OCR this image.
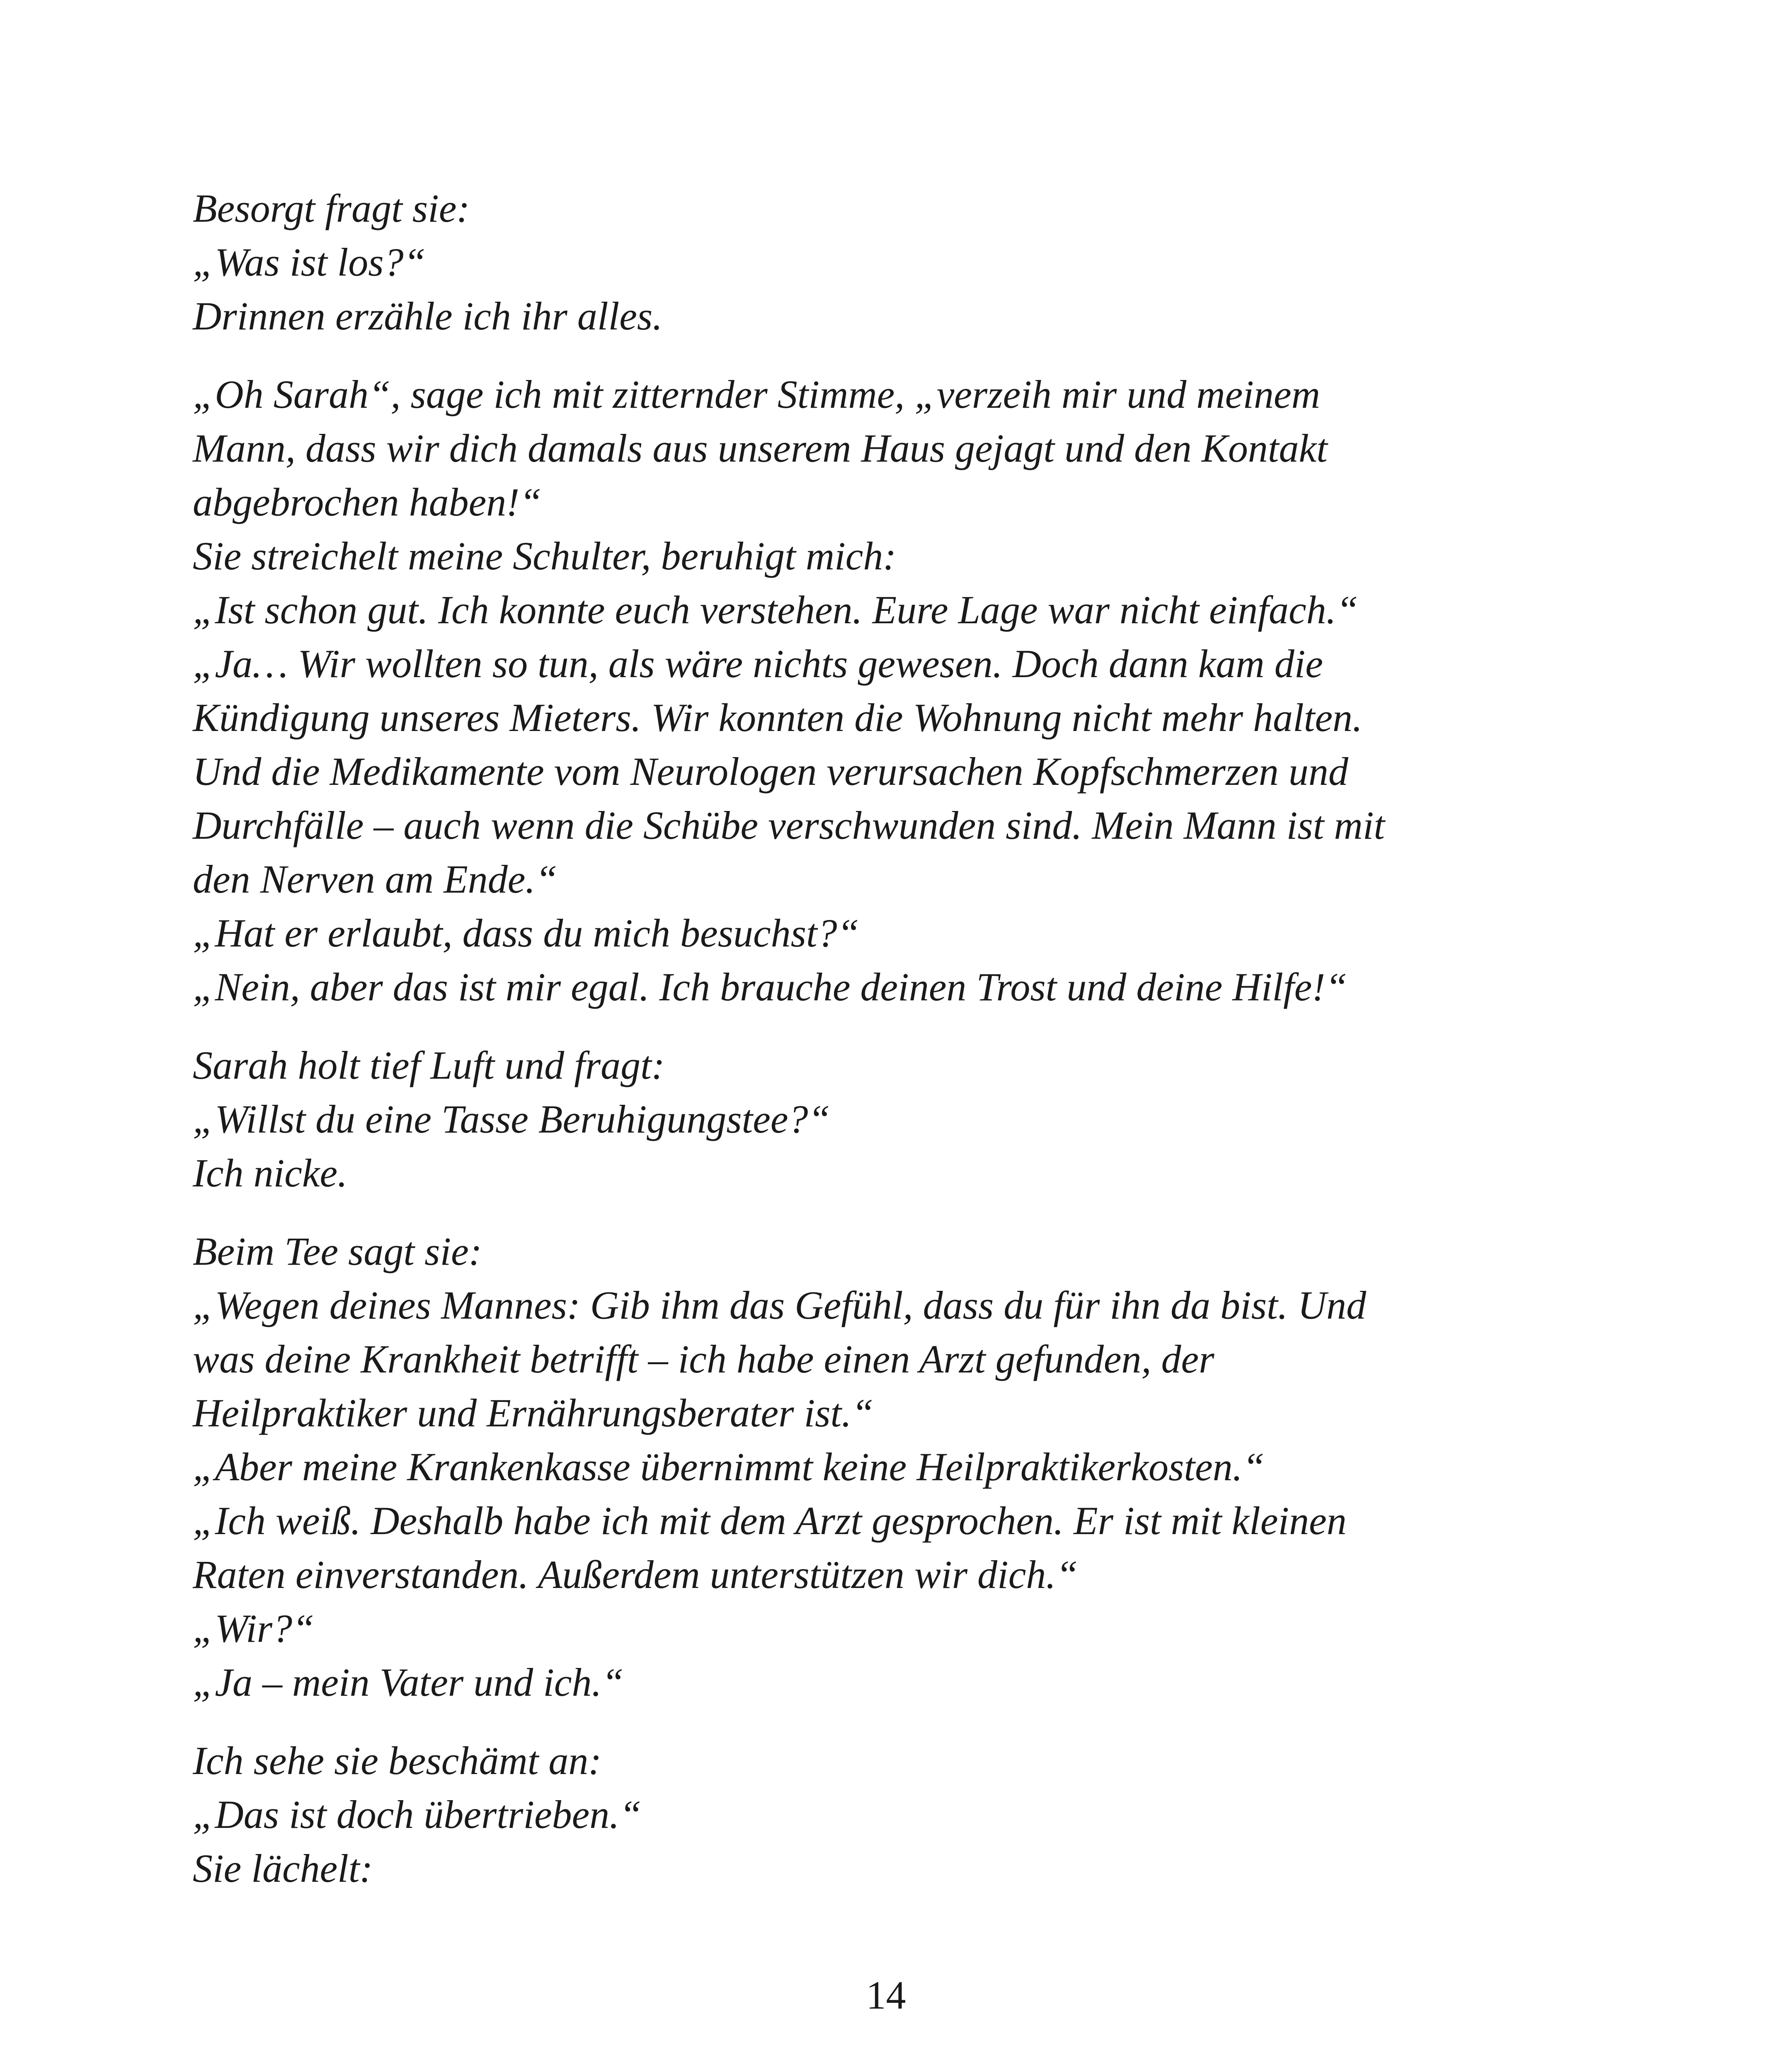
Besorgt fragt sie:
„Was ist los?“
Drinnen erzähle ich ihr alles.

„Oh Sarah“, sage ich mit zitternder Stimme, „verzeih mir und meinem
Mann, dass wir dich damals aus unserem Haus gejagt und den Kontakt
abgebrochen haben!“
Sie streichelt meine Schulter, beruhigt mich:
„Ist schon gut. Ich konnte euch verstehen. Eure Lage war nicht einfach.“
„Ja… Wir wollten so tun, als wäre nichts gewesen. Doch dann kam die
Kündigung unseres Mieters. Wir konnten die Wohnung nicht mehr halten.
Und die Medikamente vom Neurologen verursachen Kopfschmerzen und
Durchfälle – auch wenn die Schübe verschwunden sind. Mein Mann ist mit
den Nerven am Ende.“
„Hat er erlaubt, dass du mich besuchst?“
„Nein, aber das ist mir egal. Ich brauche deinen Trost und deine Hilfe!“

Sarah holt tief Luft und fragt:
„Willst du eine Tasse Beruhigungstee?“
Ich nicke.

Beim Tee sagt sie:
„Wegen deines Mannes: Gib ihm das Gefühl, dass du für ihn da bist. Und
was deine Krankheit betrifft – ich habe einen Arzt gefunden, der
Heilpraktiker und Ernährungsberater ist.“
„Aber meine Krankenkasse übernimmt keine Heilpraktikerkosten.“
„Ich weiß. Deshalb habe ich mit dem Arzt gesprochen. Er ist mit kleinen
Raten einverstanden. Außerdem unterstützen wir dich.“
„Wir?“
„Ja – mein Vater und ich.“

Ich sehe sie beschämt an:
„Das ist doch übertrieben.“
Sie lächelt:

14
